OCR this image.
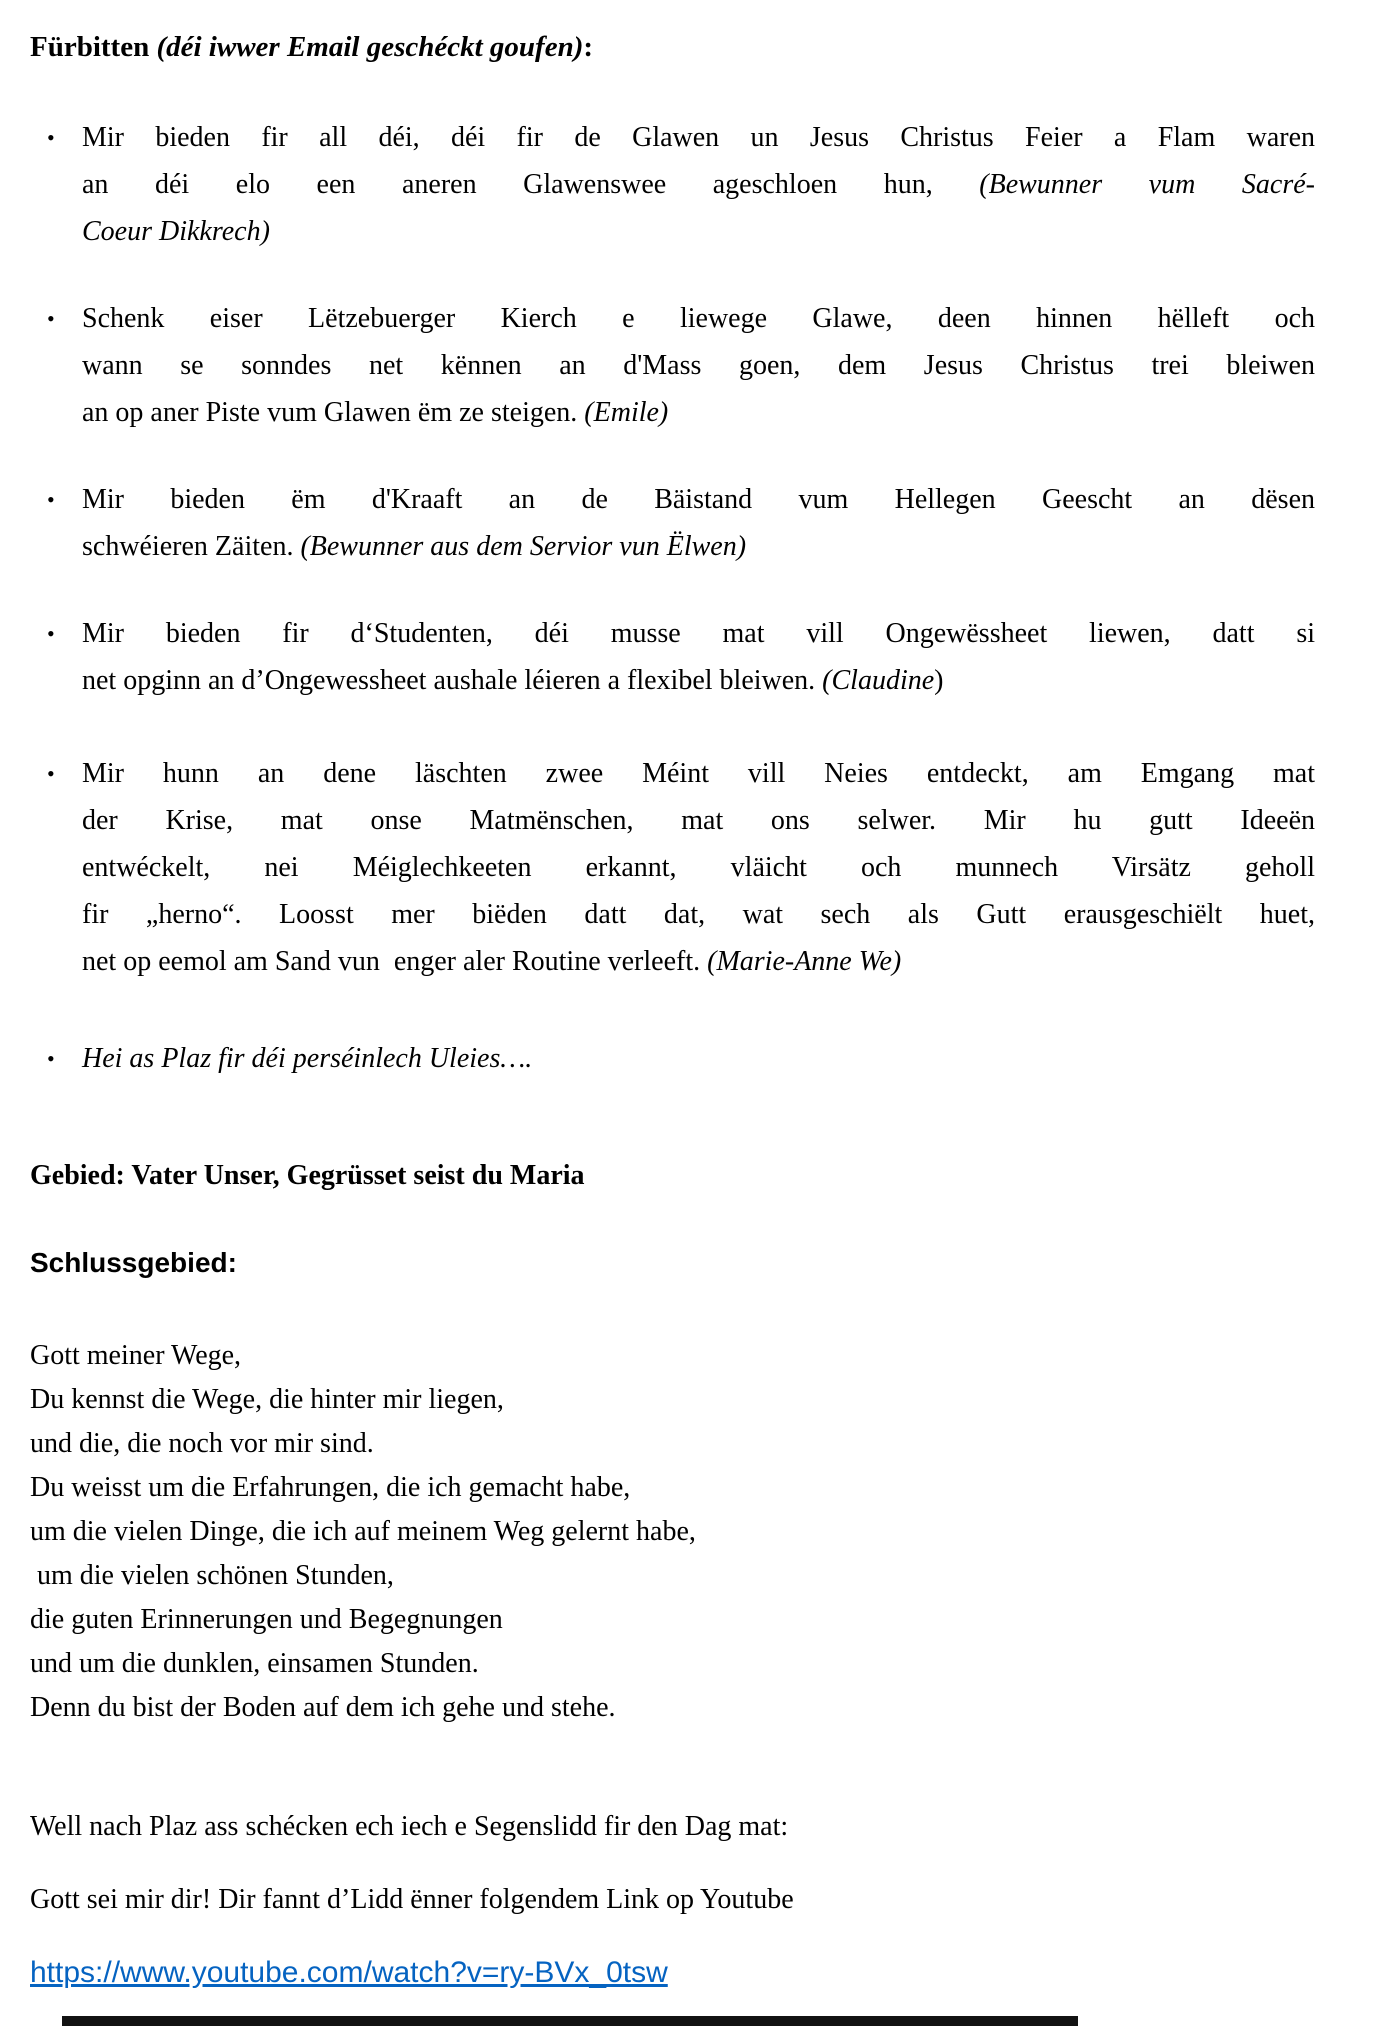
Fürbitten (déi iwwer Email geschéckt goufen):
• Mir bieden fir all déi, déi fir de Glawen un Jesus Christus Feier a Flam waren
an déi elo een aneren Glawenswee ageschloen hun, (Bewunner vum Sacré-
Coeur Dikkrech)
• Schenk eiser Lëtzebuerger Kierch e liewege Glawe, deen hinnen hëlleft och
wann se sonndes net kënnen an d'Mass goen, dem Jesus Christus trei bleiwen
an op aner Piste vum Glawen ëm ze steigen. (Emile)
• Mir bieden ëm d'Kraaft an de Bäistand vum Hellegen Geescht an dësen
schwéieren Zäiten. (Bewunner aus dem Servior vun Ëlwen)
• Mir bieden fir d‘Studenten, déi musse mat vill Ongewëssheet liewen, datt si
net opginn an d’Ongewessheet aushale léieren a flexibel bleiwen. (Claudine)
• Mir hunn an dene läschten zwee Méint vill Neies entdeckt, am Emgang mat
der Krise, mat onse Matmënschen, mat ons selwer. Mir hu gutt Ideeën
entwéckelt, nei Méiglechkeeten erkannt, vläicht och munnech Virsätz geholl
fir „herno“. Loosst mer biëden datt dat, wat sech als Gutt erausgeschiëlt huet,
net op eemol am Sand vun  enger aler Routine verleeft. (Marie-Anne We)
• Hei as Plaz fir déi perséinlech Uleies….
Gebied: Vater Unser, Gegrüsset seist du Maria
Schlussgebied:
Gott meiner Wege,
Du kennst die Wege, die hinter mir liegen,
und die, die noch vor mir sind.
Du weisst um die Erfahrungen, die ich gemacht habe,
um die vielen Dinge, die ich auf meinem Weg gelernt habe,
um die vielen schönen Stunden,
die guten Erinnerungen und Begegnungen
und um die dunklen, einsamen Stunden.
Denn du bist der Boden auf dem ich gehe und stehe.
Well nach Plaz ass schécken ech iech e Segenslidd fir den Dag mat:
Gott sei mir dir! Dir fannt d’Lidd ënner folgendem Link op Youtube
https://www.youtube.com/watch?v=ry-BVx_0tsw
